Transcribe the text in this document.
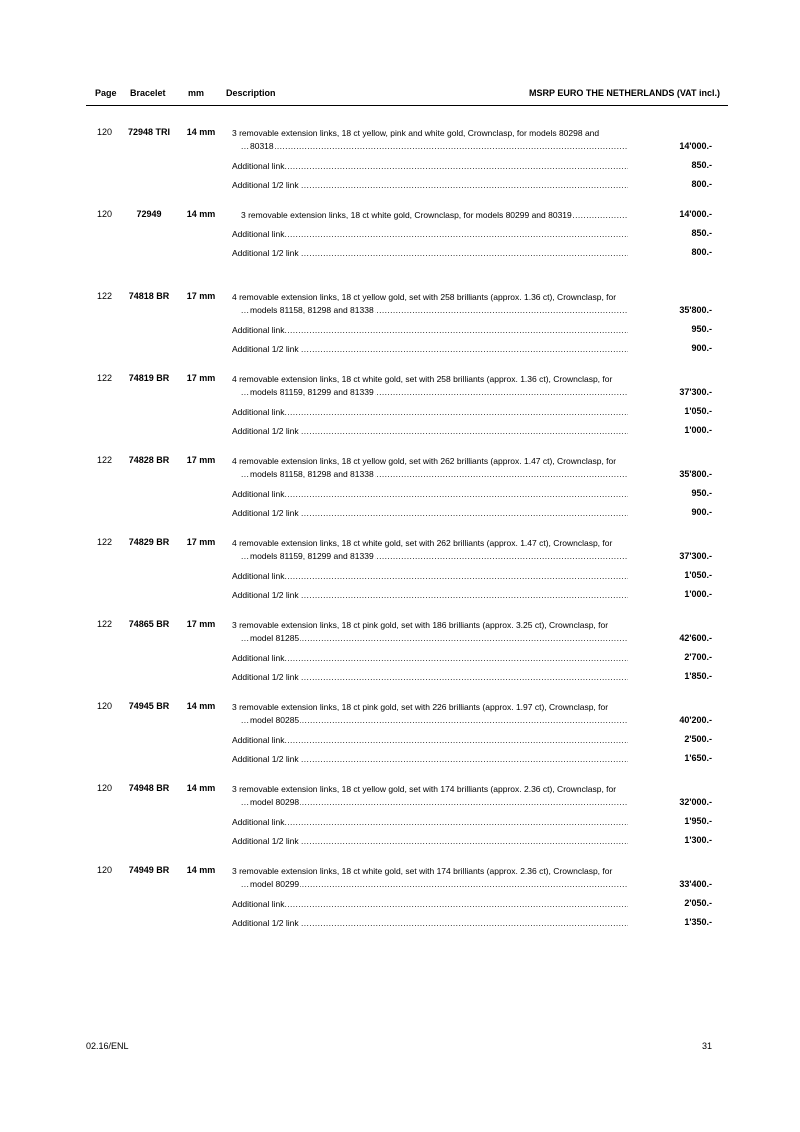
Page Bracelet mm Description	MSRP EURO THE NETHERLANDS (VAT incl.)
120	72948 TRI	14 mm	3 removable extension links, 18 ct yellow, pink and white gold, Crownclasp, for models 80298 and
80318 .....	14'000.-
Additional link .....	850.-
Additional 1/2 link .....	800.-
120	72949	14 mm	3 removable extension links, 18 ct white gold, Crownclasp, for models 80299 and 80319 .....	14'000.-
Additional link .....	850.-
Additional 1/2 link .....	800.-
122	74818 BR	17 mm	4 removable extension links, 18 ct yellow gold, set with 258 brilliants (approx. 1.36 ct), Crownclasp, for
models 81158, 81298 and 81338 .....	35'800.-
Additional link .....	950.-
Additional 1/2 link .....	900.-
122	74819 BR	17 mm	4 removable extension links, 18 ct white gold, set with 258 brilliants (approx. 1.36 ct), Crownclasp, for
models 81159, 81299 and 81339 .....	37'300.-
Additional link .....	1'050.-
Additional 1/2 link .....	1'000.-
122	74828 BR	17 mm	4 removable extension links, 18 ct yellow gold, set with 262 brilliants (approx. 1.47 ct), Crownclasp, for
models 81158, 81298 and 81338 .....	35'800.-
Additional link .....	950.-
Additional 1/2 link .....	900.-
122	74829 BR	17 mm	4 removable extension links, 18 ct white gold, set with 262 brilliants (approx. 1.47 ct), Crownclasp, for
models 81159, 81299 and 81339 .....	37'300.-
Additional link .....	1'050.-
Additional 1/2 link .....	1'000.-
122	74865 BR	17 mm	3 removable extension links, 18 ct pink gold, set with 186 brilliants (approx. 3.25 ct), Crownclasp, for
model 81285 .....	42'600.-
Additional link .....	2'700.-
Additional 1/2 link .....	1'850.-
120	74945 BR	14 mm	3 removable extension links, 18 ct pink gold, set with 226 brilliants (approx. 1.97 ct), Crownclasp, for
model 80285 .....	40'200.-
Additional link .....	2'500.-
Additional 1/2 link .....	1'650.-
120	74948 BR	14 mm	3 removable extension links, 18 ct yellow gold, set with 174 brilliants (approx. 2.36 ct), Crownclasp, for
model 80298 .....	32'000.-
Additional link .....	1'950.-
Additional 1/2 link .....	1'300.-
120	74949 BR	14 mm	3 removable extension links, 18 ct white gold, set with 174 brilliants (approx. 2.36 ct), Crownclasp, for
model 80299 .....	33'400.-
Additional link .....	2'050.-
Additional 1/2 link .....	1'350.-
02.16/ENL	31
